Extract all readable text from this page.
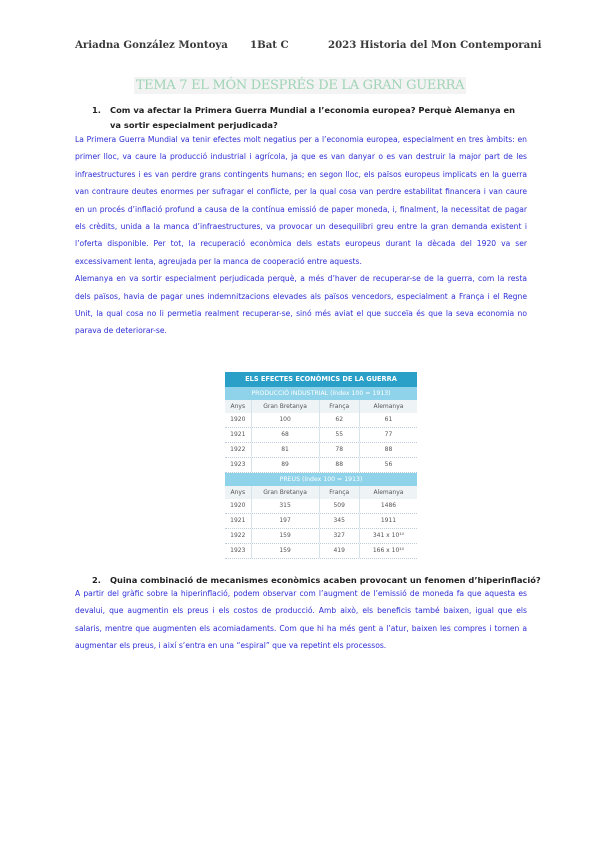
Ariadna González Montoya 1Bat C	2023 Historia del Mon Contemporani
TEMA 7 EL MÓN DESPRÉS DE LA GRAN GUERRA
1. Com va afectar la Primera Guerra Mundial a l’economia europea? Perquè Alemanya en va sortir especialment perjudicada?

La Primera Guerra Mundial va tenir efectes molt negatius per a l’economia europea, especialment en tres àmbits: en primer lloc, va caure la producció industrial i agrícola, ja que es van danyar o es van destruir la major part de les infraestructures i es van perdre grans contingents humans; en segon lloc, els països europeus implicats en la guerra van contraure deutes enormes per sufragar el conflicte, per la qual cosa van perdre estabilitat financera i van caure en un procés d’inflació profund a causa de la contínua emissió de paper moneda, i, finalment, la necessitat de pagar els crèdits, unida a la manca d’infraestructures, va provocar un desequilibri greu entre la gran demanda existent i l’oferta disponible. Per tot, la recuperació econòmica dels estats europeus durant la dècada del 1920 va ser excessivament lenta, agreujada per la manca de cooperació entre aquests.

Alemanya en va sortir especialment perjudicada perquè, a més d’haver de recuperar-se de la guerra, com la resta dels països, havia de pagar unes indemnitzacions elevades als països vencedors, especialment a França i el Regne Unit, la qual cosa no li permetia realment recuperar-se, sinó més aviat el que succeïa és que la seva economia no parava de deteriorar-se.

ELS EFECTES ECONÒMICS DE LA GUERRA
PRODUCCIÓ INDUSTRIAL (índex 100 = 1913)
Anys	Gran Bretanya	França	Alemanya
1920	100	62	61
1921	68	55	77
1922	81	78	88
1923	89	88	56
PREUS (índex 100 = 1913)
Anys	Gran Bretanya	França	Alemanya
1920	315	509	1486
1921	197	345	1911
1922	159	327	341 x 10¹⁰
1923	159	419	166 x 10¹⁰
2. Quina combinació de mecanismes econòmics acaben provocant un fenomen d’hiperinflació?

A partir del gràfic sobre la hiperinflació, podem observar com l’augment de l’emissió de moneda fa que aquesta es devalui, que augmentin els preus i els costos de producció. Amb això, els beneficis també baixen, igual que els salaris, mentre que augmenten els acomiadaments. Com que hi ha més gent a l’atur, baixen les compres i tornen a augmentar els preus, i així s’entra en una “espiral” que va repetint els processos.
